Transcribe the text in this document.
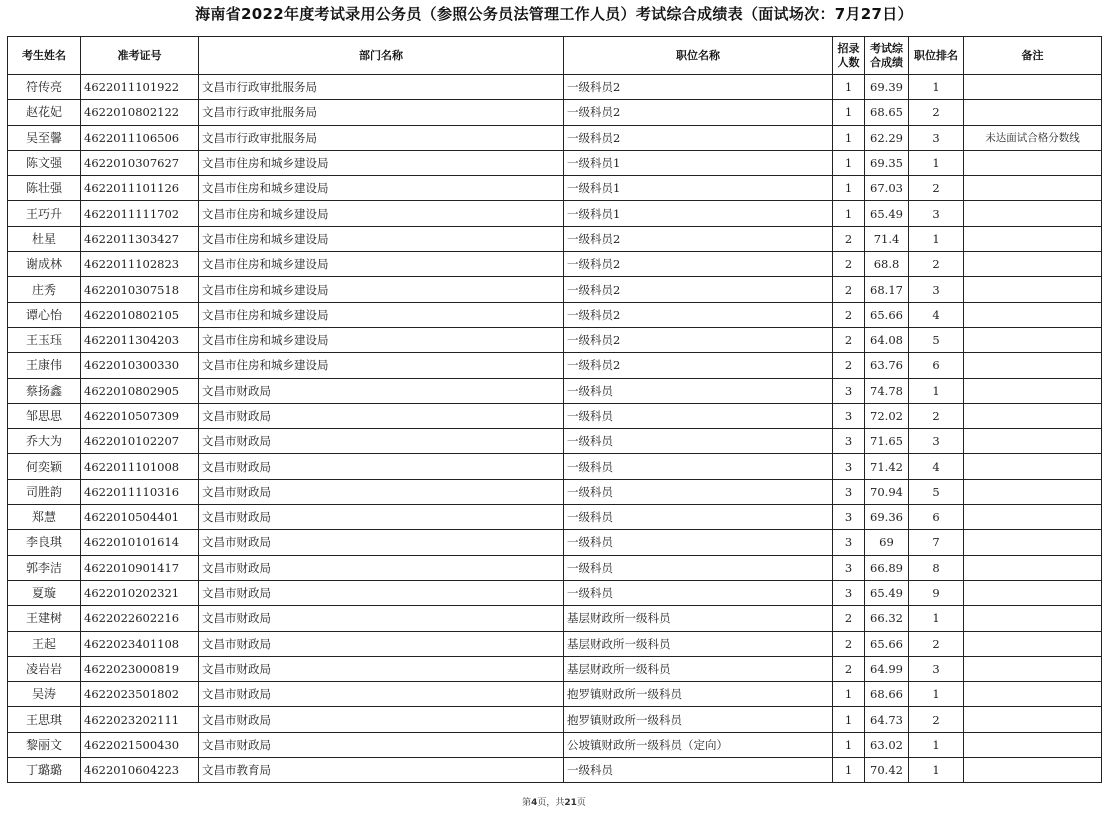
海南省2022年度考试录用公务员（参照公务员法管理工作人员）考试综合成绩表（面试场次：7月27日）
考生姓名	准考证号	部门名称	职位名称	招录人数	考试综合成绩	职位排名	备注
符传亮	4622011101922	文昌市行政审批服务局	一级科员2	1	69.39	1	
赵花妃	4622010802122	文昌市行政审批服务局	一级科员2	1	68.65	2	
吴至馨	4622011106506	文昌市行政审批服务局	一级科员2	1	62.29	3	未达面试合格分数线
陈文强	4622010307627	文昌市住房和城乡建设局	一级科员1	1	69.35	1	
陈壮强	4622011101126	文昌市住房和城乡建设局	一级科员1	1	67.03	2	
王巧升	4622011111702	文昌市住房和城乡建设局	一级科员1	1	65.49	3	
杜星	4622011303427	文昌市住房和城乡建设局	一级科员2	2	71.4	1	
谢成林	4622011102823	文昌市住房和城乡建设局	一级科员2	2	68.8	2	
庄秀	4622010307518	文昌市住房和城乡建设局	一级科员2	2	68.17	3	
谭心怡	4622010802105	文昌市住房和城乡建设局	一级科员2	2	65.66	4	
王玉珏	4622011304203	文昌市住房和城乡建设局	一级科员2	2	64.08	5	
王康伟	4622010300330	文昌市住房和城乡建设局	一级科员2	2	63.76	6	
蔡扬鑫	4622010802905	文昌市财政局	一级科员	3	74.78	1	
邹思思	4622010507309	文昌市财政局	一级科员	3	72.02	2	
乔大为	4622010102207	文昌市财政局	一级科员	3	71.65	3	
何奕颖	4622011101008	文昌市财政局	一级科员	3	71.42	4	
司胜韵	4622011110316	文昌市财政局	一级科员	3	70.94	5	
郑慧	4622010504401	文昌市财政局	一级科员	3	69.36	6	
李良琪	4622010101614	文昌市财政局	一级科员	3	69	7	
郭李洁	4622010901417	文昌市财政局	一级科员	3	66.89	8	
夏璇	4622010202321	文昌市财政局	一级科员	3	65.49	9	
王建树	4622022602216	文昌市财政局	基层财政所一级科员	2	66.32	1	
王起	4622023401108	文昌市财政局	基层财政所一级科员	2	65.66	2	
凌岩岩	4622023000819	文昌市财政局	基层财政所一级科员	2	64.99	3	
吴涛	4622023501802	文昌市财政局	抱罗镇财政所一级科员	1	68.66	1	
王思琪	4622023202111	文昌市财政局	抱罗镇财政所一级科员	1	64.73	2	
黎丽文	4622021500430	文昌市财政局	公坡镇财政所一级科员（定向）	1	63.02	1	
丁璐璐	4622010604223	文昌市教育局	一级科员	1	70.42	1	
第4页，共21页
